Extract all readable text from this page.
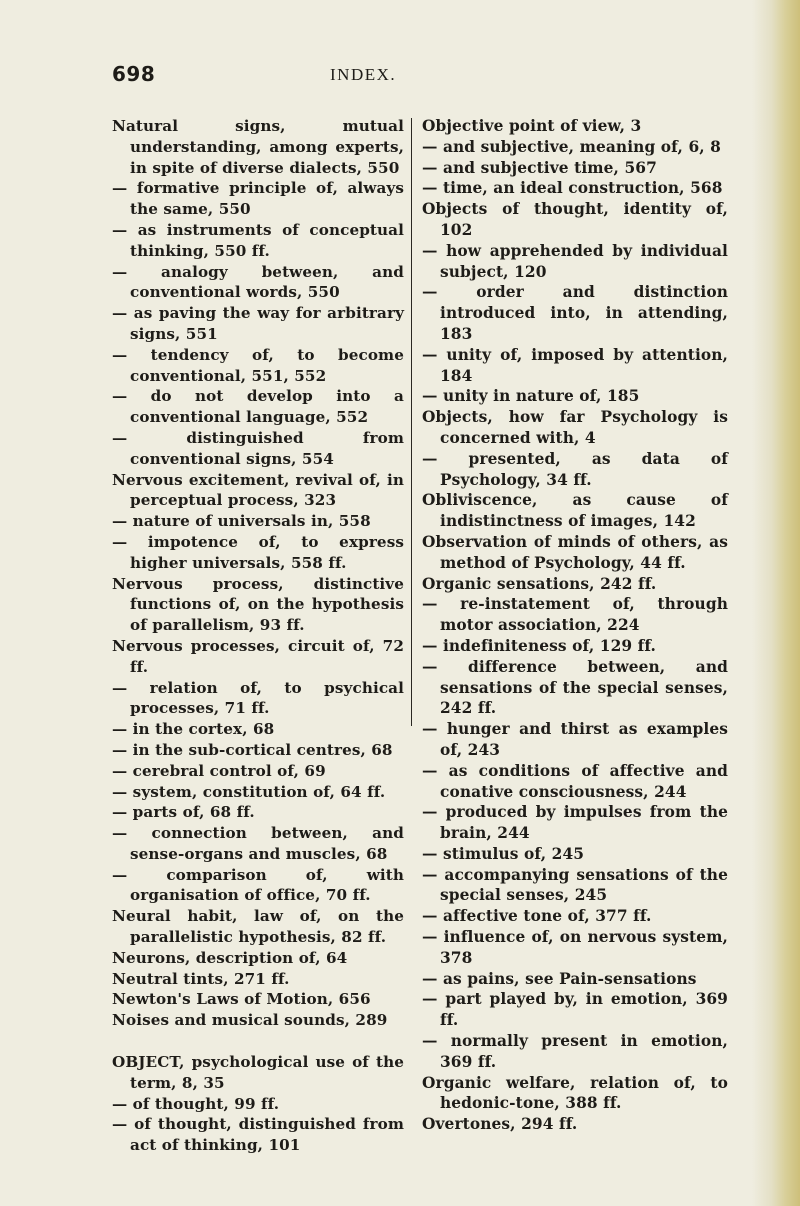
698	INDEX.
Natural signs, mutual understanding, among experts, in spite of diverse dialects, 550
— formative principle of, always the same, 550
— as instruments of conceptual thinking, 550 ff.
— analogy between, and conventional words, 550
— as paving the way for arbitrary signs, 551
— tendency of, to become conventional, 551, 552
— do not develop into a conventional language, 552
— distinguished from conventional signs, 554
Nervous excitement, revival of, in perceptual process, 323
— nature of universals in, 558
— impotence of, to express higher universals, 558 ff.
Nervous process, distinctive functions of, on the hypothesis of parallelism, 93 ff.
Nervous processes, circuit of, 72 ff.
— relation of, to psychical processes, 71 ff.
— in the cortex, 68
— in the sub-cortical centres, 68
— cerebral control of, 69
— system, constitution of, 64 ff.
— parts of, 68 ff.
— connection between, and sense-organs and muscles, 68
— comparison of, with organisation of office, 70 ff.
Neural habit, law of, on the parallelistic hypothesis, 82 ff.
Neurons, description of, 64
Neutral tints, 271 ff.
Newton's Laws of Motion, 656
Noises and musical sounds, 289
OBJECT, psychological use of the term, 8, 35
— of thought, 99 ff.
— of thought, distinguished from act of thinking, 101
Objective point of view, 3
— and subjective, meaning of, 6, 8
— and subjective time, 567
— time, an ideal construction, 568
Objects of thought, identity of, 102
— how apprehended by individual subject, 120
— order and distinction introduced into, in attending, 183
— unity of, imposed by attention, 184
— unity in nature of, 185
Objects, how far Psychology is concerned with, 4
— presented, as data of Psychology, 34 ff.
Obliviscence, as cause of indistinctness of images, 142
Observation of minds of others, as method of Psychology, 44 ff.
Organic sensations, 242 ff.
— re-instatement of, through motor association, 224
— indefiniteness of, 129 ff.
— difference between, and sensations of the special senses, 242 ff.
— hunger and thirst as examples of, 243
— as conditions of affective and conative consciousness, 244
— produced by impulses from the brain, 244
— stimulus of, 245
— accompanying sensations of the special senses, 245
— affective tone of, 377 ff.
— influence of, on nervous system, 378
— as pains, see Pain-sensations
— part played by, in emotion, 369 ff.
— normally present in emotion, 369 ff.
Organic welfare, relation of, to hedonic-tone, 388 ff.
Overtones, 294 ff.
